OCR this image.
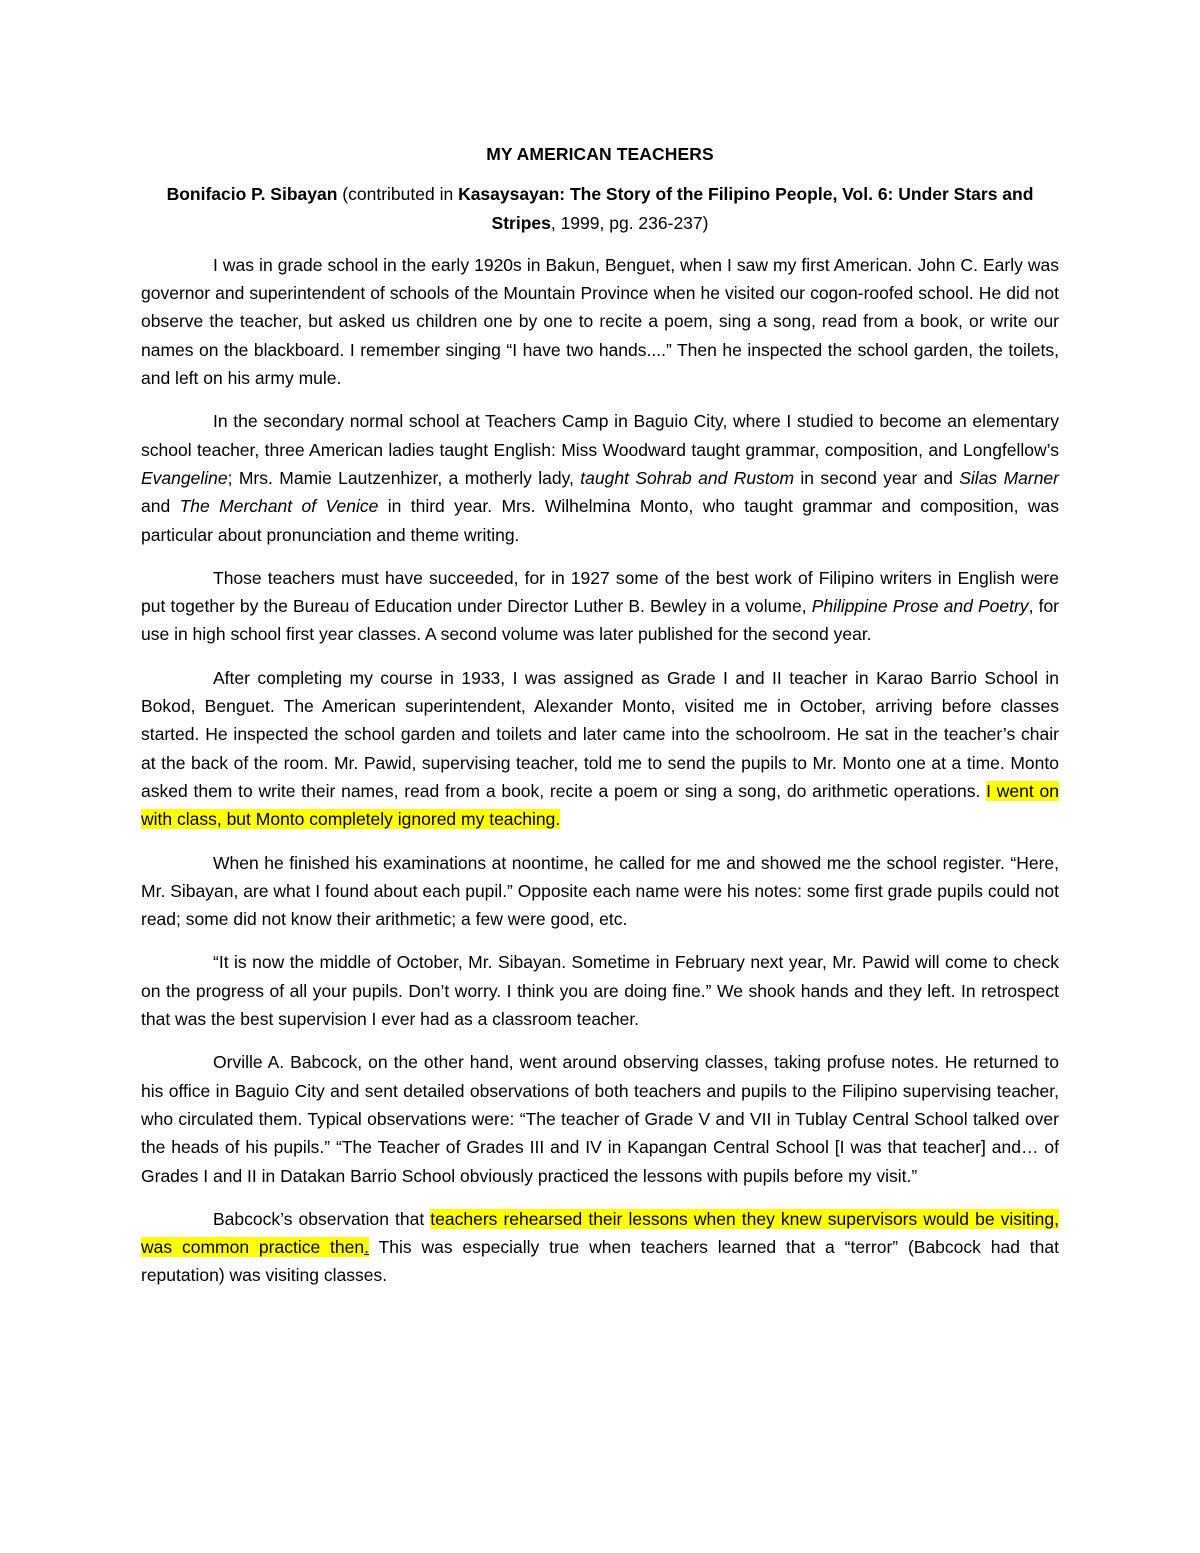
MY AMERICAN TEACHERS
Bonifacio P. Sibayan (contributed in Kasaysayan: The Story of the Filipino People, Vol. 6: Under Stars and Stripes, 1999, pg. 236-237)

I was in grade school in the early 1920s in Bakun, Benguet, when I saw my first American. John C. Early was governor and superintendent of schools of the Mountain Province when he visited our cogon-roofed school. He did not observe the teacher, but asked us children one by one to recite a poem, sing a song, read from a book, or write our names on the blackboard. I remember singing “I have two hands....” Then he inspected the school garden, the toilets, and left on his army mule.

In the secondary normal school at Teachers Camp in Baguio City, where I studied to become an elementary school teacher, three American ladies taught English: Miss Woodward taught grammar, composition, and Longfellow’s Evangeline; Mrs. Mamie Lautzenhizer, a motherly lady, taught Sohrab and Rustom in second year and Silas Marner and The Merchant of Venice in third year. Mrs. Wilhelmina Monto, who taught grammar and composition, was particular about pronunciation and theme writing.

Those teachers must have succeeded, for in 1927 some of the best work of Filipino writers in English were put together by the Bureau of Education under Director Luther B. Bewley in a volume, Philippine Prose and Poetry, for use in high school first year classes. A second volume was later published for the second year.

After completing my course in 1933, I was assigned as Grade I and II teacher in Karao Barrio School in Bokod, Benguet. The American superintendent, Alexander Monto, visited me in October, arriving before classes started. He inspected the school garden and toilets and later came into the schoolroom. He sat in the teacher’s chair at the back of the room. Mr. Pawid, supervising teacher, told me to send the pupils to Mr. Monto one at a time. Monto asked them to write their names, read from a book, recite a poem or sing a song, do arithmetic operations. I went on with class, but Monto completely ignored my teaching.

When he finished his examinations at noontime, he called for me and showed me the school register. “Here, Mr. Sibayan, are what I found about each pupil.” Opposite each name were his notes: some first grade pupils could not read; some did not know their arithmetic; a few were good, etc.

“It is now the middle of October, Mr. Sibayan. Sometime in February next year, Mr. Pawid will come to check on the progress of all your pupils. Don’t worry. I think you are doing fine.” We shook hands and they left. In retrospect that was the best supervision I ever had as a classroom teacher.

Orville A. Babcock, on the other hand, went around observing classes, taking profuse notes. He returned to his office in Baguio City and sent detailed observations of both teachers and pupils to the Filipino supervising teacher, who circulated them. Typical observations were: “The teacher of Grade V and VII in Tublay Central School talked over the heads of his pupils.” “The Teacher of Grades III and IV in Kapangan Central School [I was that teacher] and… of Grades I and II in Datakan Barrio School obviously practiced the lessons with pupils before my visit.”

Babcock’s observation that teachers rehearsed their lessons when they knew supervisors would be visiting, was common practice then. This was especially true when teachers learned that a “terror” (Babcock had that reputation) was visiting classes.
